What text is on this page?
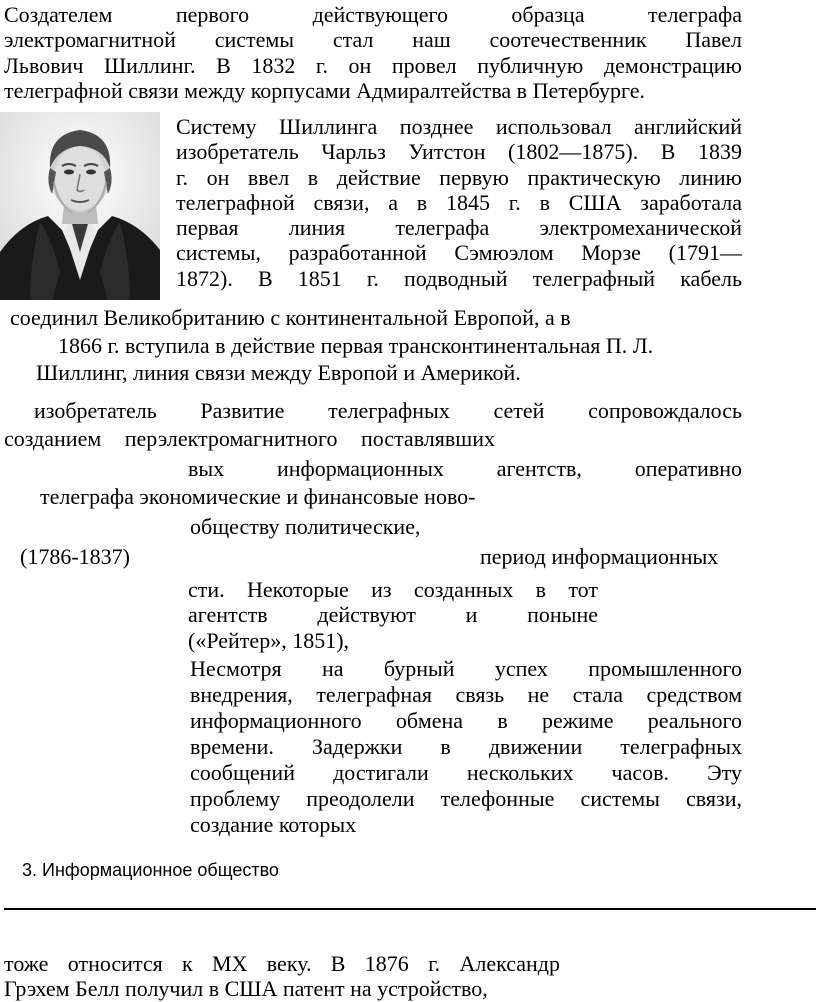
Создателем первого действующего образца телеграфа
электромагнитной системы стал наш соотечественник Павел
Львович Шиллинг. В 1832 г. он провел публичную демонстрацию
телеграфной связи между корпусами Адмиралтейства в Петербурге.
Систему Шиллинга позднее использовал английский
изобретатель Чарльз Уитстон (1802—1875). В 1839
г. он ввел в действие первую практическую линию
телеграфной связи, а в 1845 г. в США заработала
первая линия телеграфа электромеханической
системы, разработанной Сэмюэлом Морзе (1791—
1872). В 1851 г. подводный телеграфный кабель
соединил Великобританию с континентальной Европой, а в
1866 г. вступила в действие первая трансконтинентальная П. Л.
Шиллинг, линия связи между Европой и Америкой.
изобретатель Развитие телеграфных сетей сопровождалось
созданием перэлектромагнитного поставлявших
вых информационных агентств, оперативно
телеграфа экономические и финансовые ново-
обществу политические,
(1786-1837)	период информационных
сти. Некоторые из созданных в тот
агентств действуют и поныне
(«Рейтер», 1851),
Несмотря на бурный успех промышленного
внедрения, телеграфная связь не стала средством
информационного обмена в режиме реального
времени. Задержки в движении телеграфных
сообщений достигали нескольких часов. Эту
проблему преодолели телефонные системы связи,
создание которых
3. Информационное общество
тоже относится к МХ веку. В 1876 г. Александр
Грэхем Белл получил в США патент на устройство,
